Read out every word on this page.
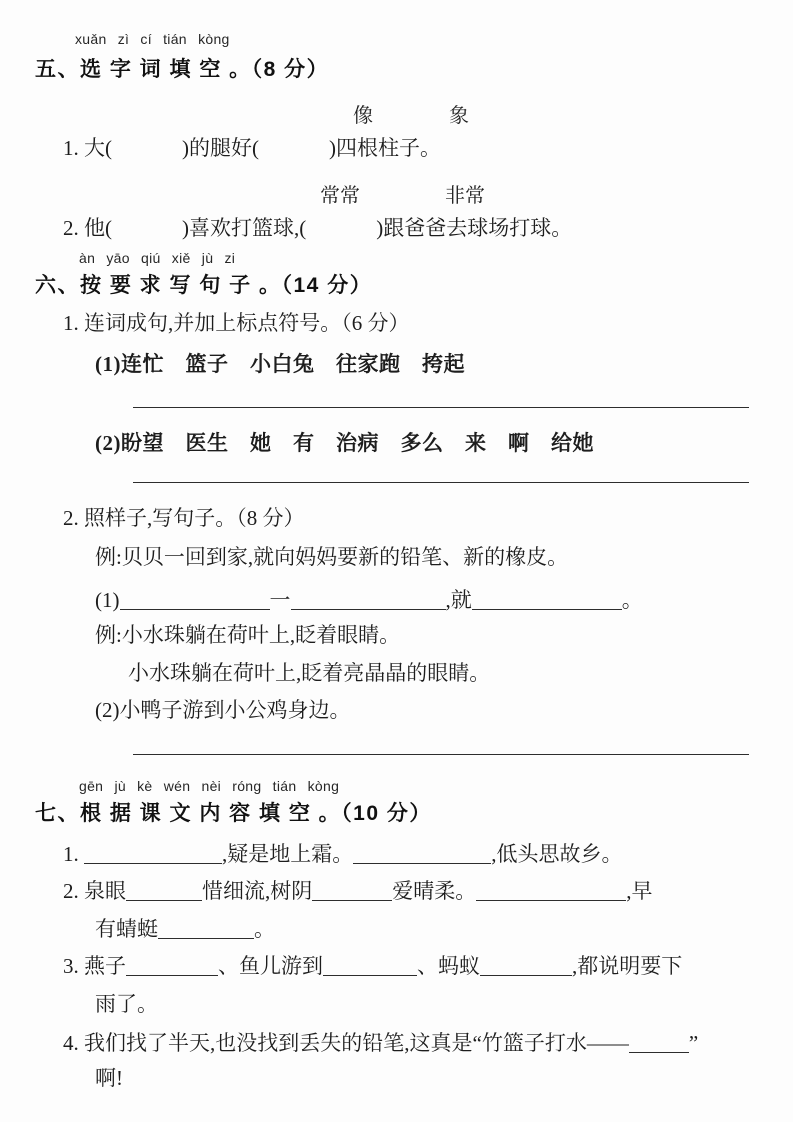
xuǎn zì cí tián kòng
五、选 字 词 填 空 。（8 分）
像	象
1. 大(	)的腿好(	)四根柱子。
常常	非常
2. 他(	)喜欢打篮球,(	)跟爸爸去球场打球。
àn yāo qiú xiě jù zi
六、按 要 求 写 句 子 。（14 分）
1. 连词成句,并加上标点符号。（6 分）
(1)连忙　篮子　小白兔　往家跑　挎起
(2)盼望　医生　她　有　治病　多么　来　啊　给她
2. 照样子,写句子。（8 分）
例:贝贝一回到家,就向妈妈要新的铅笔、新的橡皮。
(1)	一	,就	。
例:小水珠躺在荷叶上,眨着眼睛。
小水珠躺在荷叶上,眨着亮晶晶的眼睛。
(2)小鸭子游到小公鸡身边。
gēn jù kè wén nèi róng tián kòng
七、根 据 课 文 内 容 填 空 。（10 分）
1.	,疑是地上霜。	,低头思故乡。
2. 泉眼	惜细流,树阴	爱晴柔。	,早
有蜻蜓	。
3. 燕子	、鱼儿游到	、蚂蚁	,都说明要下
雨了。
4. 我们找了半天,也没找到丢失的铅笔,这真是“竹篮子打水——	”
啊!
